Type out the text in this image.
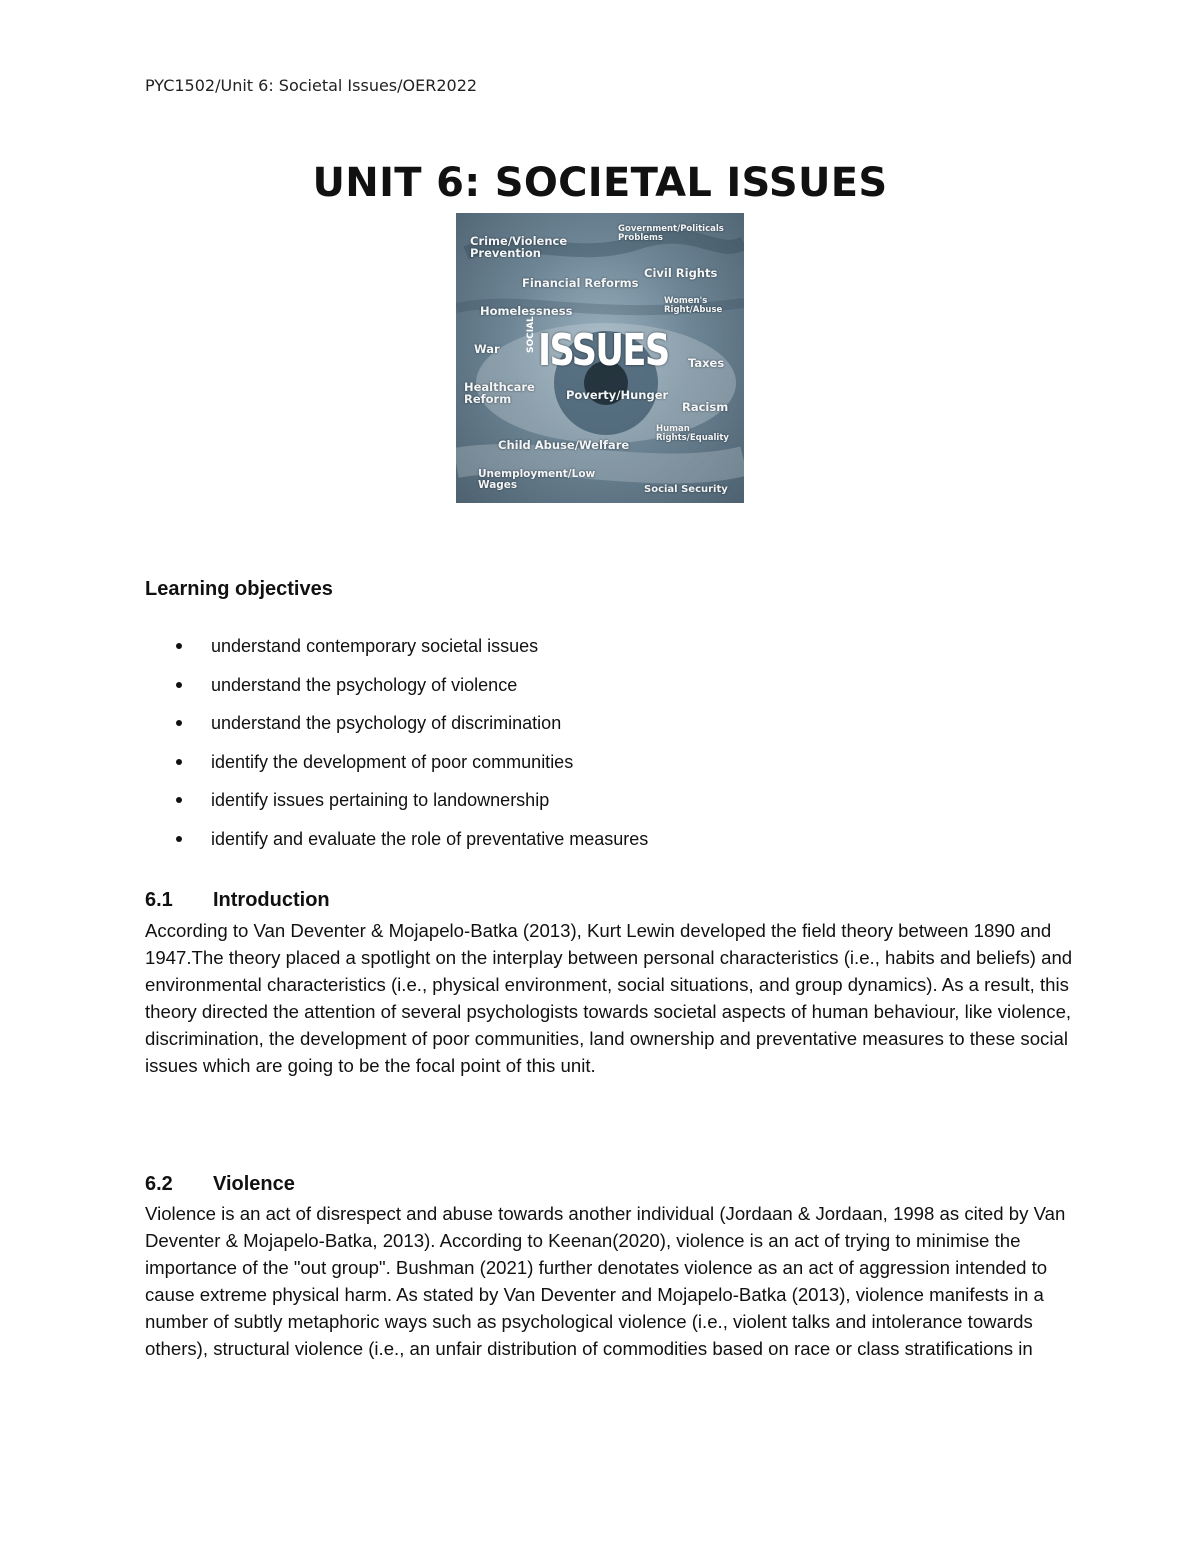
PYC1502/Unit 6: Societal Issues/OER2022
UNIT 6: SOCIETAL ISSUES
Crime/Violence Prevention
Government/Politicals Problems
Financial Reforms
Civil Rights
Homelessness
Women's Right/Abuse
War	SOCIAL ISSUES Taxes
Healthcare Reform	Poverty/Hunger
Racism
Human Rights/Equality
Child Abuse/Welfare
Unemployment/Low Wages	Social Security
Learning objectives
understand contemporary societal issues
understand the psychology of violence
understand the psychology of discrimination
identify the development of poor communities
identify issues pertaining to landownership
identify and evaluate the role of preventative measures
6.1 Introduction

According to Van Deventer & Mojapelo-Batka (2013), Kurt Lewin developed the field theory between 1890 and 1947.The theory placed a spotlight on the interplay between personal characteristics (i.e., habits and beliefs) and environmental characteristics (i.e., physical environment, social situations, and group dynamics). As a result, this theory directed the attention of several psychologists towards societal aspects of human behaviour, like violence, discrimination, the development of poor communities, land ownership and preventative measures to these social issues which are going to be the focal point of this unit.

6.2 Violence

Violence is an act of disrespect and abuse towards another individual (Jordaan & Jordaan, 1998 as cited by Van Deventer & Mojapelo-Batka, 2013). According to Keenan(2020), violence is an act of trying to minimise the importance of the "out group". Bushman (2021) further denotates violence as an act of aggression intended to cause extreme physical harm. As stated by Van Deventer and Mojapelo-Batka (2013), violence manifests in a number of subtly metaphoric ways such as psychological violence (i.e., violent talks and intolerance towards others), structural violence (i.e., an unfair distribution of commodities based on race or class stratifications in
